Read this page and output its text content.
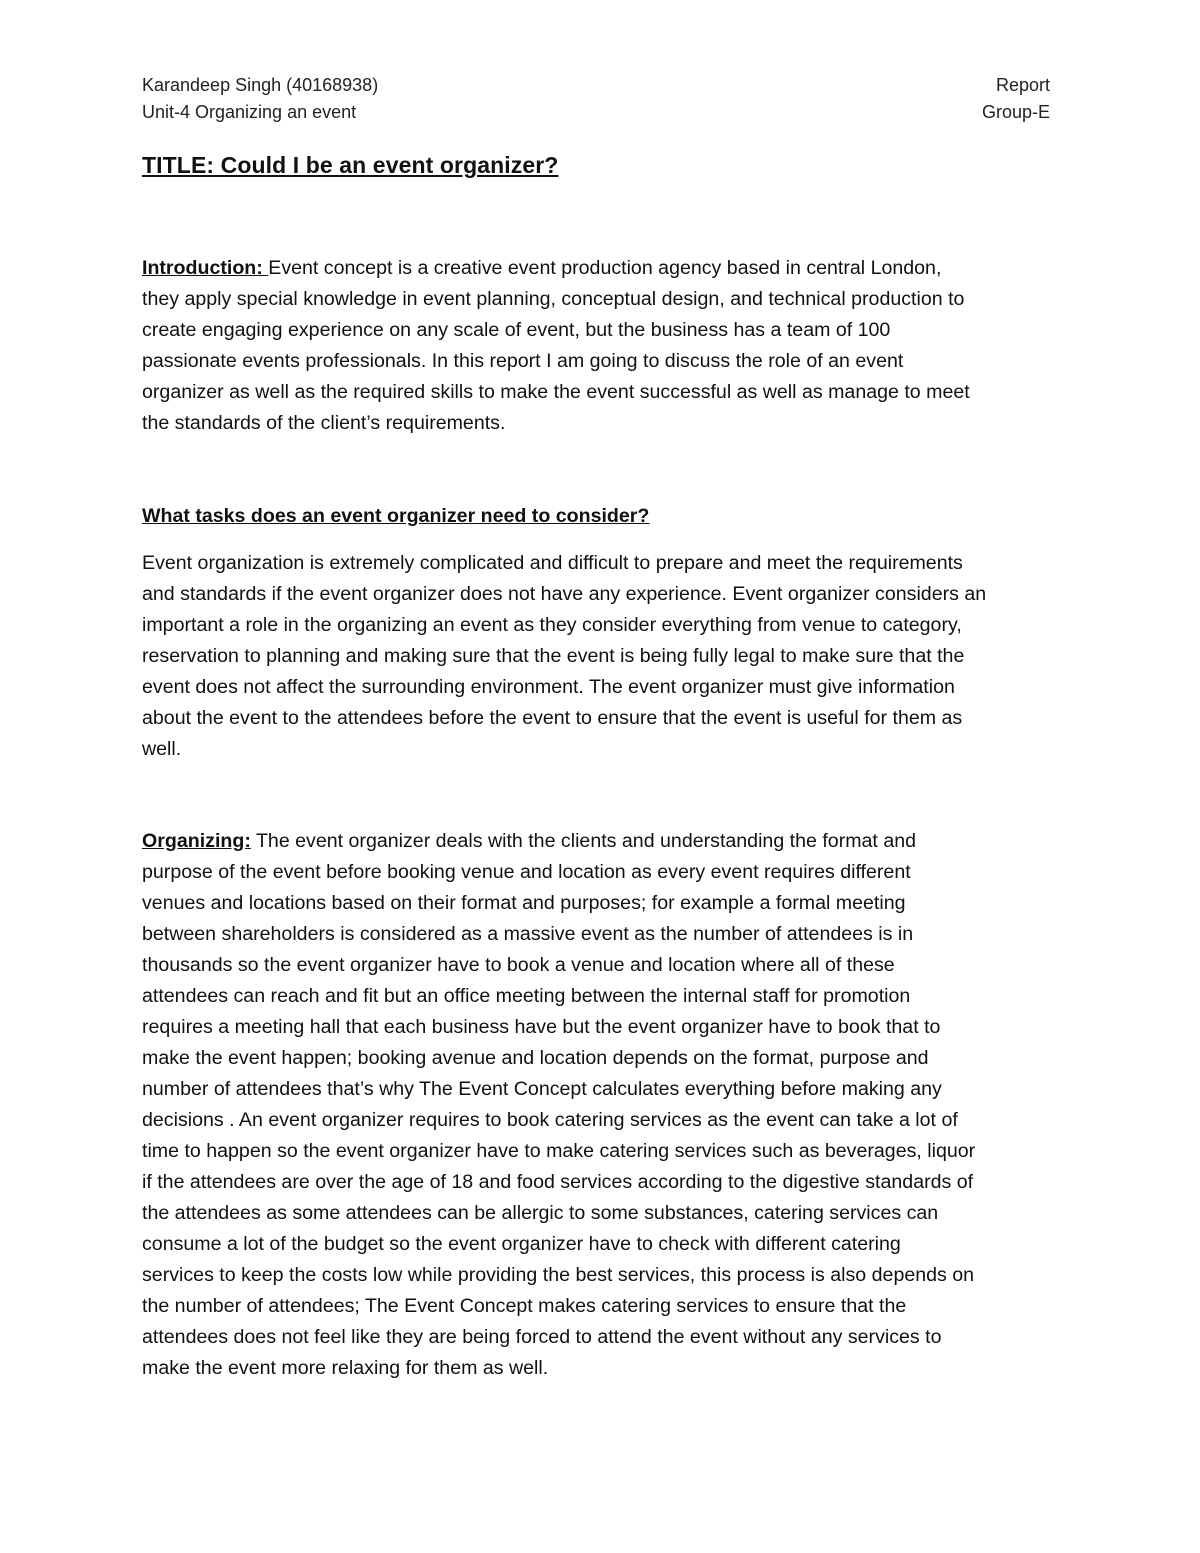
Karandeep Singh (40168938)	Report
Unit-4 Organizing an event	Group-E
TITLE: Could I be an event organizer?

Introduction: Event concept is a creative event production agency based in central London,

they apply special knowledge in event planning, conceptual design, and technical production to

create engaging experience on any scale of event, but the business has a team of 100

passionate events professionals. In this report I am going to discuss the role of an event

organizer as well as the required skills to make the event successful as well as manage to meet

the standards of the client’s requirements.

What tasks does an event organizer need to consider?

Event organization is extremely complicated and difficult to prepare and meet the requirements

and standards if the event organizer does not have any experience. Event organizer considers an

important a role in the organizing an event as they consider everything from venue to category,

reservation to planning and making sure that the event is being fully legal to make sure that the

event does not affect the surrounding environment. The event organizer must give information

about the event to the attendees before the event to ensure that the event is useful for them as

well.

Organizing: The event organizer deals with the clients and understanding the format and

purpose of the event before booking venue and location as every event requires different

venues and locations based on their format and purposes; for example a formal meeting

between shareholders is considered as a massive event as the number of attendees is in

thousands so the event organizer have to book a venue and location where all of these

attendees can reach and fit but an office meeting between the internal staff for promotion

requires a meeting hall that each business have but the event organizer have to book that to

make the event happen; booking avenue and location depends on the format, purpose and

number of attendees that’s why The Event Concept calculates everything before making any

decisions . An event organizer requires to book catering services as the event can take a lot of

time to happen so the event organizer have to make catering services such as beverages, liquor

if the attendees are over the age of 18 and food services according to the digestive standards of

the attendees as some attendees can be allergic to some substances, catering services can

consume a lot of the budget so the event organizer have to check with different catering

services to keep the costs low while providing the best services, this process is also depends on

the number of attendees; The Event Concept makes catering services to ensure that the

attendees does not feel like they are being forced to attend the event without any services to

make the event more relaxing for them as well.
